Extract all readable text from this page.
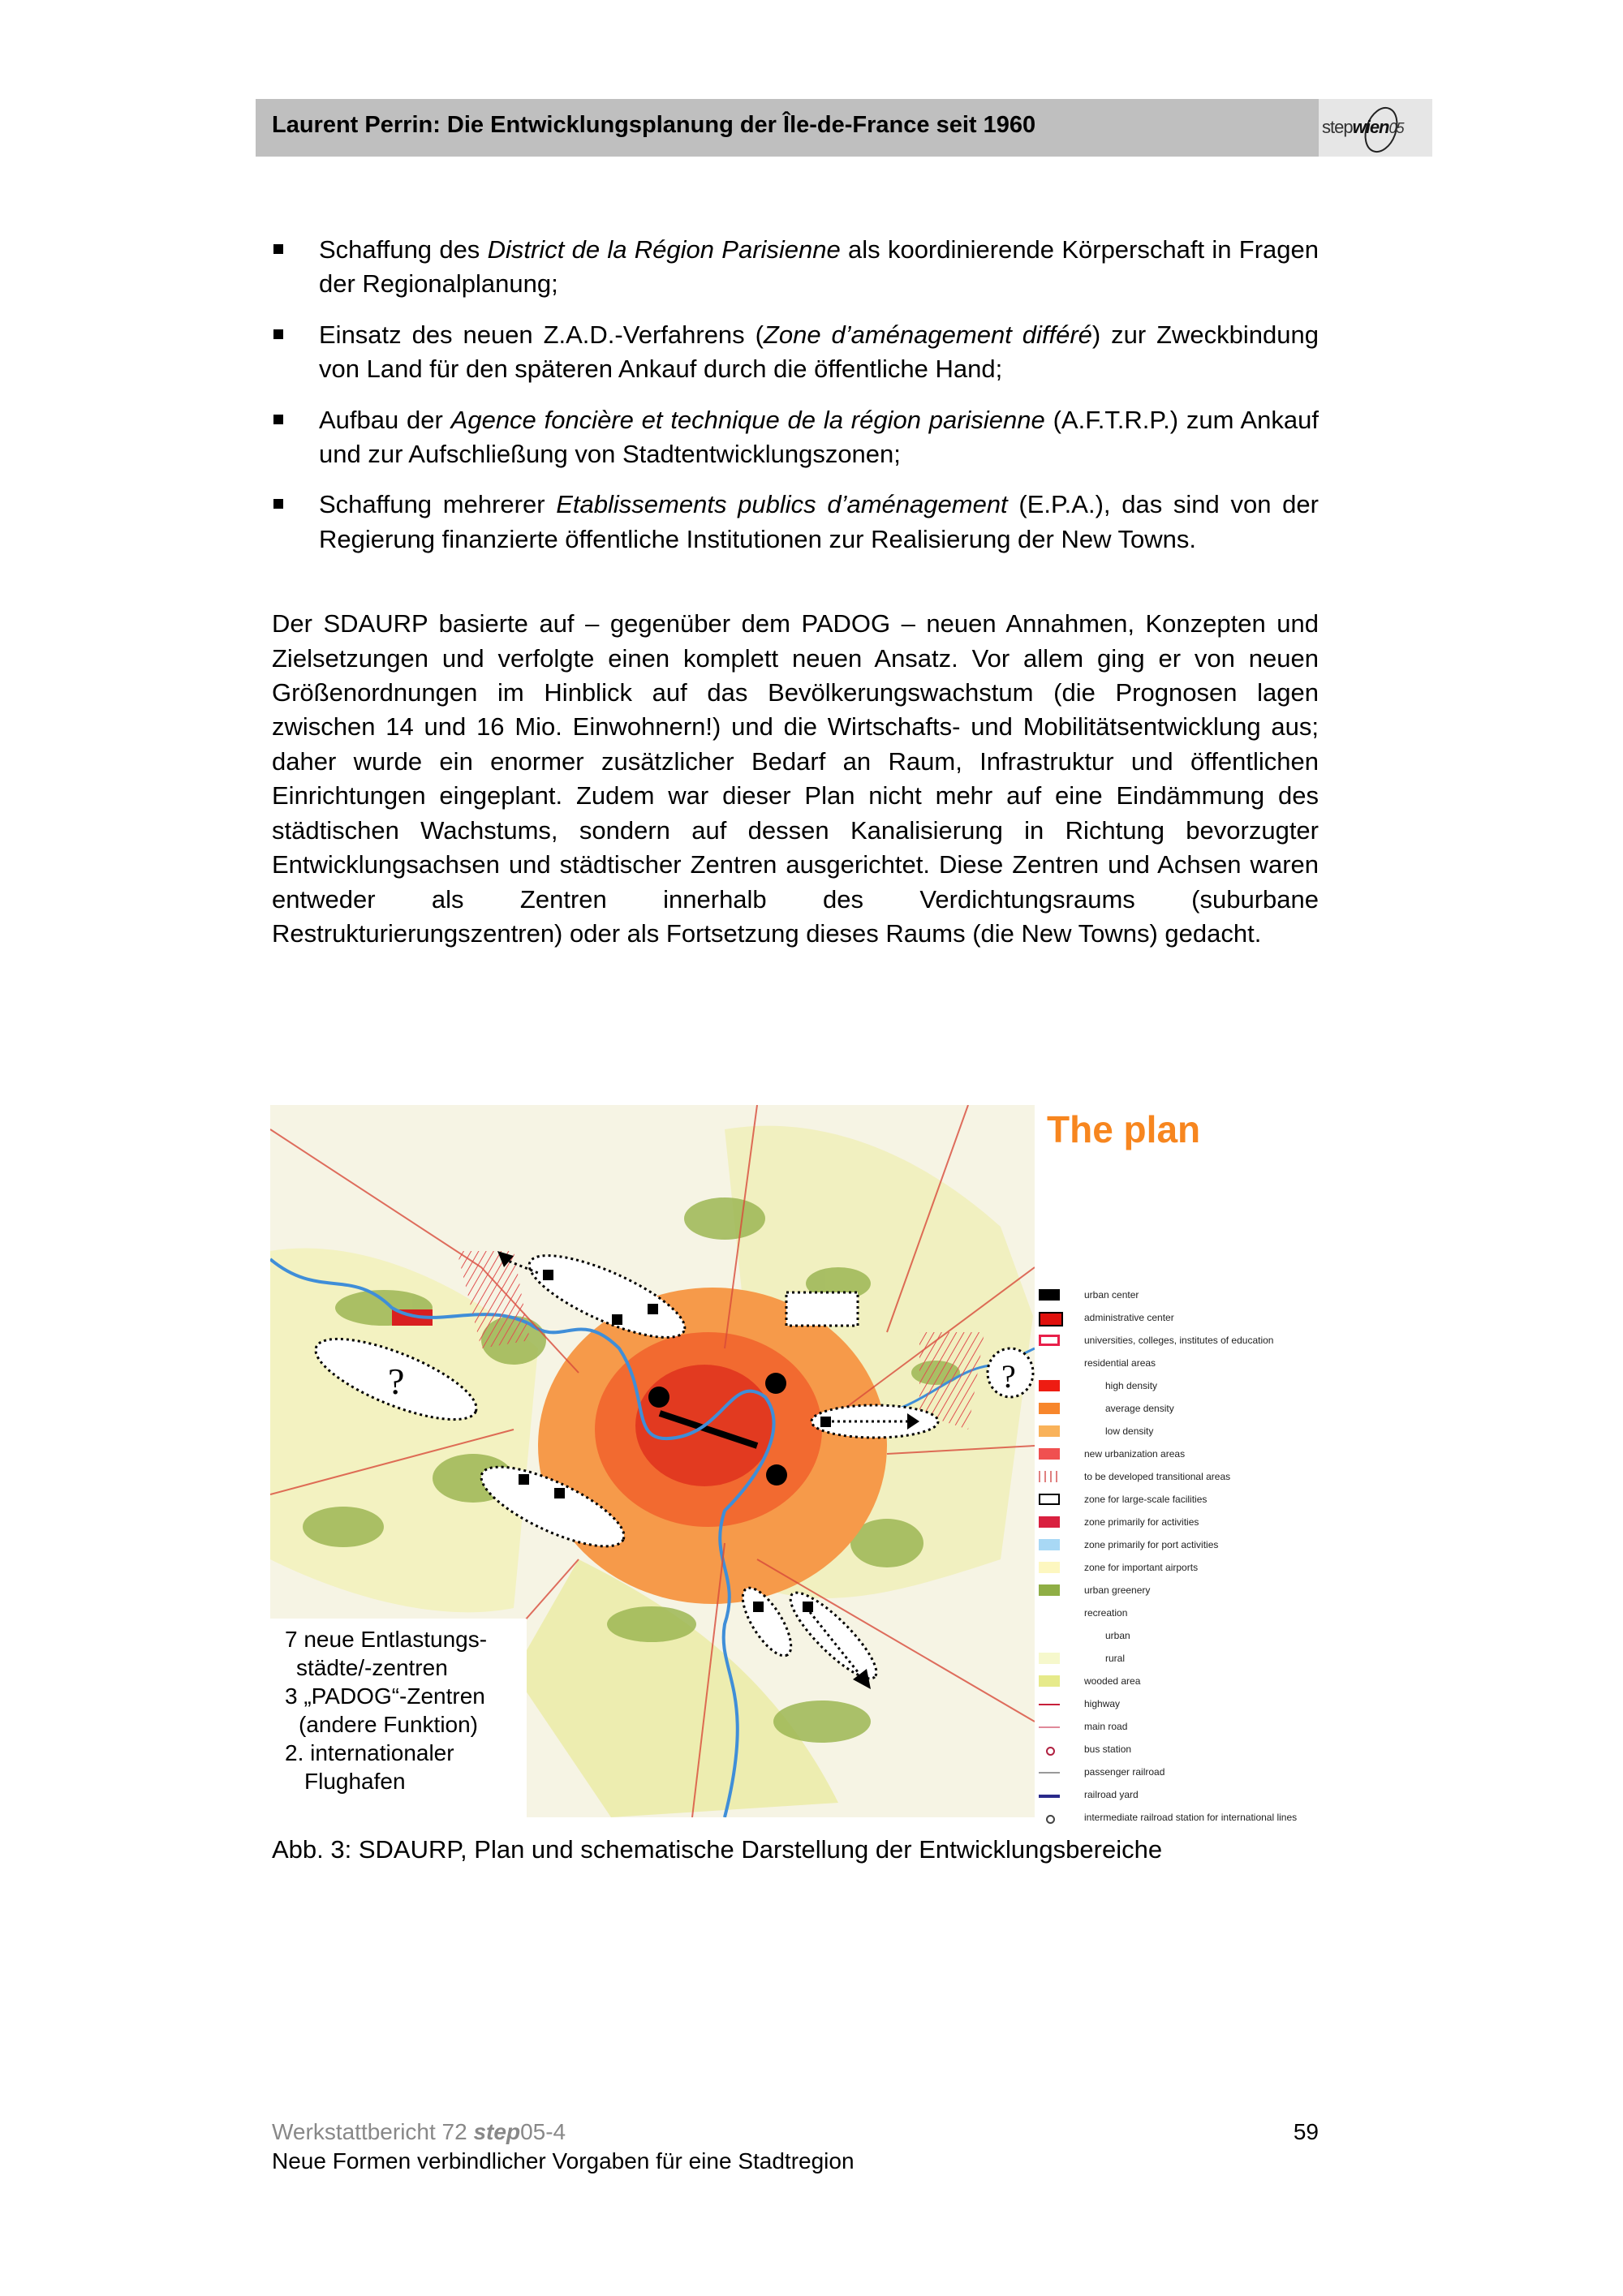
Laurent Perrin: Die Entwicklungsplanung der Île-de-France seit 1960	stepwien05
Schaffung des District de la Région Parisienne als koordinierende Körperschaft in Fragen der Regionalplanung;
Einsatz des neuen Z.A.D.-Verfahrens (Zone d’aménagement différé) zur Zweckbindung von Land für den späteren Ankauf durch die öffentliche Hand;
Aufbau der Agence foncière et technique de la région parisienne (A.F.T.R.P.) zum Ankauf und zur Aufschließung von Stadtentwicklungszonen;
Schaffung mehrerer Etablissements publics d’aménagement (E.P.A.), das sind von der Regierung finanzierte öffentliche Institutionen zur Realisierung der New Towns.
Der SDAURP basierte auf – gegenüber dem PADOG – neuen Annahmen, Konzepten und Zielsetzungen und verfolgte einen komplett neuen Ansatz. Vor allem ging er von neuen Größenordnungen im Hinblick auf das Bevölkerungswachstum (die Prognosen lagen zwischen 14 und 16 Mio. Einwohnern!) und die Wirtschafts- und Mobilitätsentwicklung aus; daher wurde ein enormer zusätzlicher Bedarf an Raum, Infrastruktur und öffentlichen Einrichtungen eingeplant. Zudem war dieser Plan nicht mehr auf eine Eindämmung des städtischen Wachstums, sondern auf dessen Kanalisierung in Richtung bevorzugter Entwicklungsachsen und städtischer Zentren ausgerichtet. Diese Zentren und Achsen waren entweder als Zentren innerhalb des Verdichtungsraums (suburbane Restrukturierungszentren) oder als Fortsetzung dieses Raums (die New Towns) gedacht.
?	?
7 neue Entlastungs-
städte/-zentren
3 „PADOG“-Zentren
(andere Funktion)
2. internationaler
Flughafen
The plan
urban center
administrative center
universities, colleges, institutes of education
residential areas
high density
average density
low density
new urbanization areas
to be developed transitional areas
zone for large-scale facilities
zone primarily for activities
zone primarily for port activities
zone for important airports
urban greenery
recreation
urban
rural
wooded area
highway
main road
bus station
passenger railroad
railroad yard
intermediate railroad station for international lines
Abb. 3: SDAURP, Plan und schematische Darstellung der Entwicklungsbereiche
Werkstattbericht 72 step05-4
Neue Formen verbindlicher Vorgaben für eine Stadtregion
59
